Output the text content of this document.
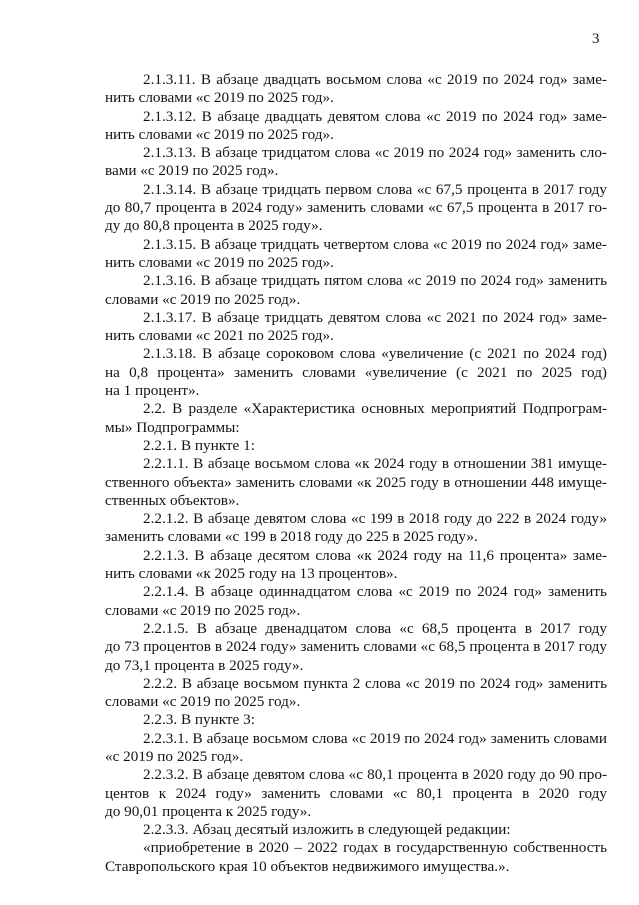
3
2.1.3.11. В абзаце двадцать восьмом слова «с 2019 по 2024 год» заме-
нить словами «с 2019 по 2025 год».
2.1.3.12. В абзаце двадцать девятом слова «с 2019 по 2024 год» заме-
нить словами «с 2019 по 2025 год».
2.1.3.13. В абзаце тридцатом слова «с 2019 по 2024 год» заменить сло-
вами «с 2019 по 2025 год».
2.1.3.14. В абзаце тридцать первом слова «с 67,5 процента в 2017 году
до 80,7 процента в 2024 году» заменить словами «с 67,5 процента в 2017 го-
ду до 80,8 процента в 2025 году».
2.1.3.15. В абзаце тридцать четвертом слова «с 2019 по 2024 год» заме-
нить словами «с 2019 по 2025 год».
2.1.3.16. В абзаце тридцать пятом слова «с 2019 по 2024 год» заменить
словами «с 2019 по 2025 год».
2.1.3.17. В абзаце тридцать девятом слова «с 2021 по 2024 год» заме-
нить словами «с 2021 по 2025 год».
2.1.3.18. В абзаце сороковом слова «увеличение (с 2021 по 2024 год)
на 0,8 процента» заменить словами «увеличение (с 2021 по 2025 год)
на 1 процент».
2.2. В разделе «Характеристика основных мероприятий Подпрограм-
мы» Подпрограммы:
2.2.1. В пункте 1:
2.2.1.1. В абзаце восьмом слова «к 2024 году в отношении 381 имуще-
ственного объекта» заменить словами «к 2025 году в отношении 448 имуще-
ственных объектов».
2.2.1.2. В абзаце девятом слова «с 199 в 2018 году до 222 в 2024 году»
заменить словами «с 199 в 2018 году до 225 в 2025 году».
2.2.1.3. В абзаце десятом слова «к 2024 году на 11,6 процента» заме-
нить словами «к 2025 году на 13 процентов».
2.2.1.4. В абзаце одиннадцатом слова «с 2019 по 2024 год» заменить
словами «с 2019 по 2025 год».
2.2.1.5. В абзаце двенадцатом слова «с 68,5 процента в 2017 году
до 73 процентов в 2024 году» заменить словами «с 68,5 процента в 2017 году
до 73,1 процента в 2025 году».
2.2.2. В абзаце восьмом пункта 2 слова «с 2019 по 2024 год» заменить
словами «с 2019 по 2025 год».
2.2.3. В пункте 3:
2.2.3.1. В абзаце восьмом слова «с 2019 по 2024 год» заменить словами
«с 2019 по 2025 год».
2.2.3.2. В абзаце девятом слова «с 80,1 процента в 2020 году до 90 про-
центов к 2024 году» заменить словами «с 80,1 процента в 2020 году
до 90,01 процента к 2025 году».
2.2.3.3. Абзац десятый изложить в следующей редакции:
«приобретение в 2020 – 2022 годах в государственную собственность
Ставропольского края 10 объектов недвижимого имущества.».
